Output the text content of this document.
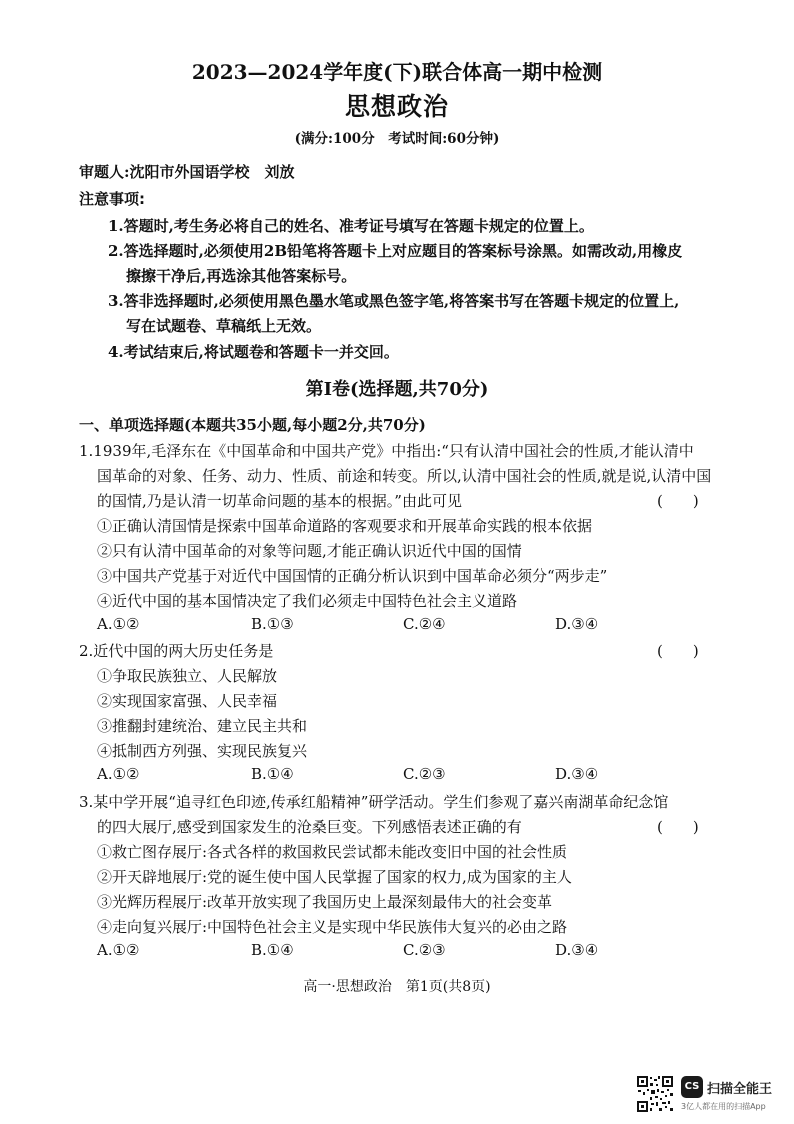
2023—2024学年度(下)联合体高一期中检测
思想政治
(满分:100分　考试时间:60分钟)
审题人:沈阳市外国语学校　刘放
注意事项:
1.答题时,考生务必将自己的姓名、准考证号填写在答题卡规定的位置上。
2.答选择题时,必须使用2B铅笔将答题卡上对应题目的答案标号涂黑。如需改动,用橡皮
擦擦干净后,再选涂其他答案标号。
3.答非选择题时,必须使用黑色墨水笔或黑色签字笔,将答案书写在答题卡规定的位置上,
写在试题卷、草稿纸上无效。
4.考试结束后,将试题卷和答题卡一并交回。
第Ⅰ卷(选择题,共70分)
一、单项选择题(本题共35小题,每小题2分,共70分)
1.1939年,毛泽东在《中国革命和中国共产党》中指出:“只有认清中国社会的性质,才能认清中
国革命的对象、任务、动力、性质、前途和转变。所以,认清中国社会的性质,就是说,认清中国
的国情,乃是认清一切革命问题的基本的根据。”由此可见	(　　)
①正确认清国情是探索中国革命道路的客观要求和开展革命实践的根本依据
②只有认清中国革命的对象等问题,才能正确认识近代中国的国情
③中国共产党基于对近代中国国情的正确分析认识到中国革命必须分“两步走”
④近代中国的基本国情决定了我们必须走中国特色社会主义道路
A.①②	B.①③	C.②④	D.③④
2.近代中国的两大历史任务是	(　　)
①争取民族独立、人民解放
②实现国家富强、人民幸福
③推翻封建统治、建立民主共和
④抵制西方列强、实现民族复兴
A.①②	B.①④	C.②③	D.③④
3.某中学开展“追寻红色印迹,传承红船精神”研学活动。学生们参观了嘉兴南湖革命纪念馆
的四大展厅,感受到国家发生的沧桑巨变。下列感悟表述正确的有	(　　)
①救亡图存展厅:各式各样的救国救民尝试都未能改变旧中国的社会性质
②开天辟地展厅:党的诞生使中国人民掌握了国家的权力,成为国家的主人
③光辉历程展厅:改革开放实现了我国历史上最深刻最伟大的社会变革
④走向复兴展厅:中国特色社会主义是实现中华民族伟大复兴的必由之路
A.①②	B.①④	C.②③	D.③④
高一·思想政治　第1页(共8页)
CS 扫描全能王
3亿人都在用的扫描App
